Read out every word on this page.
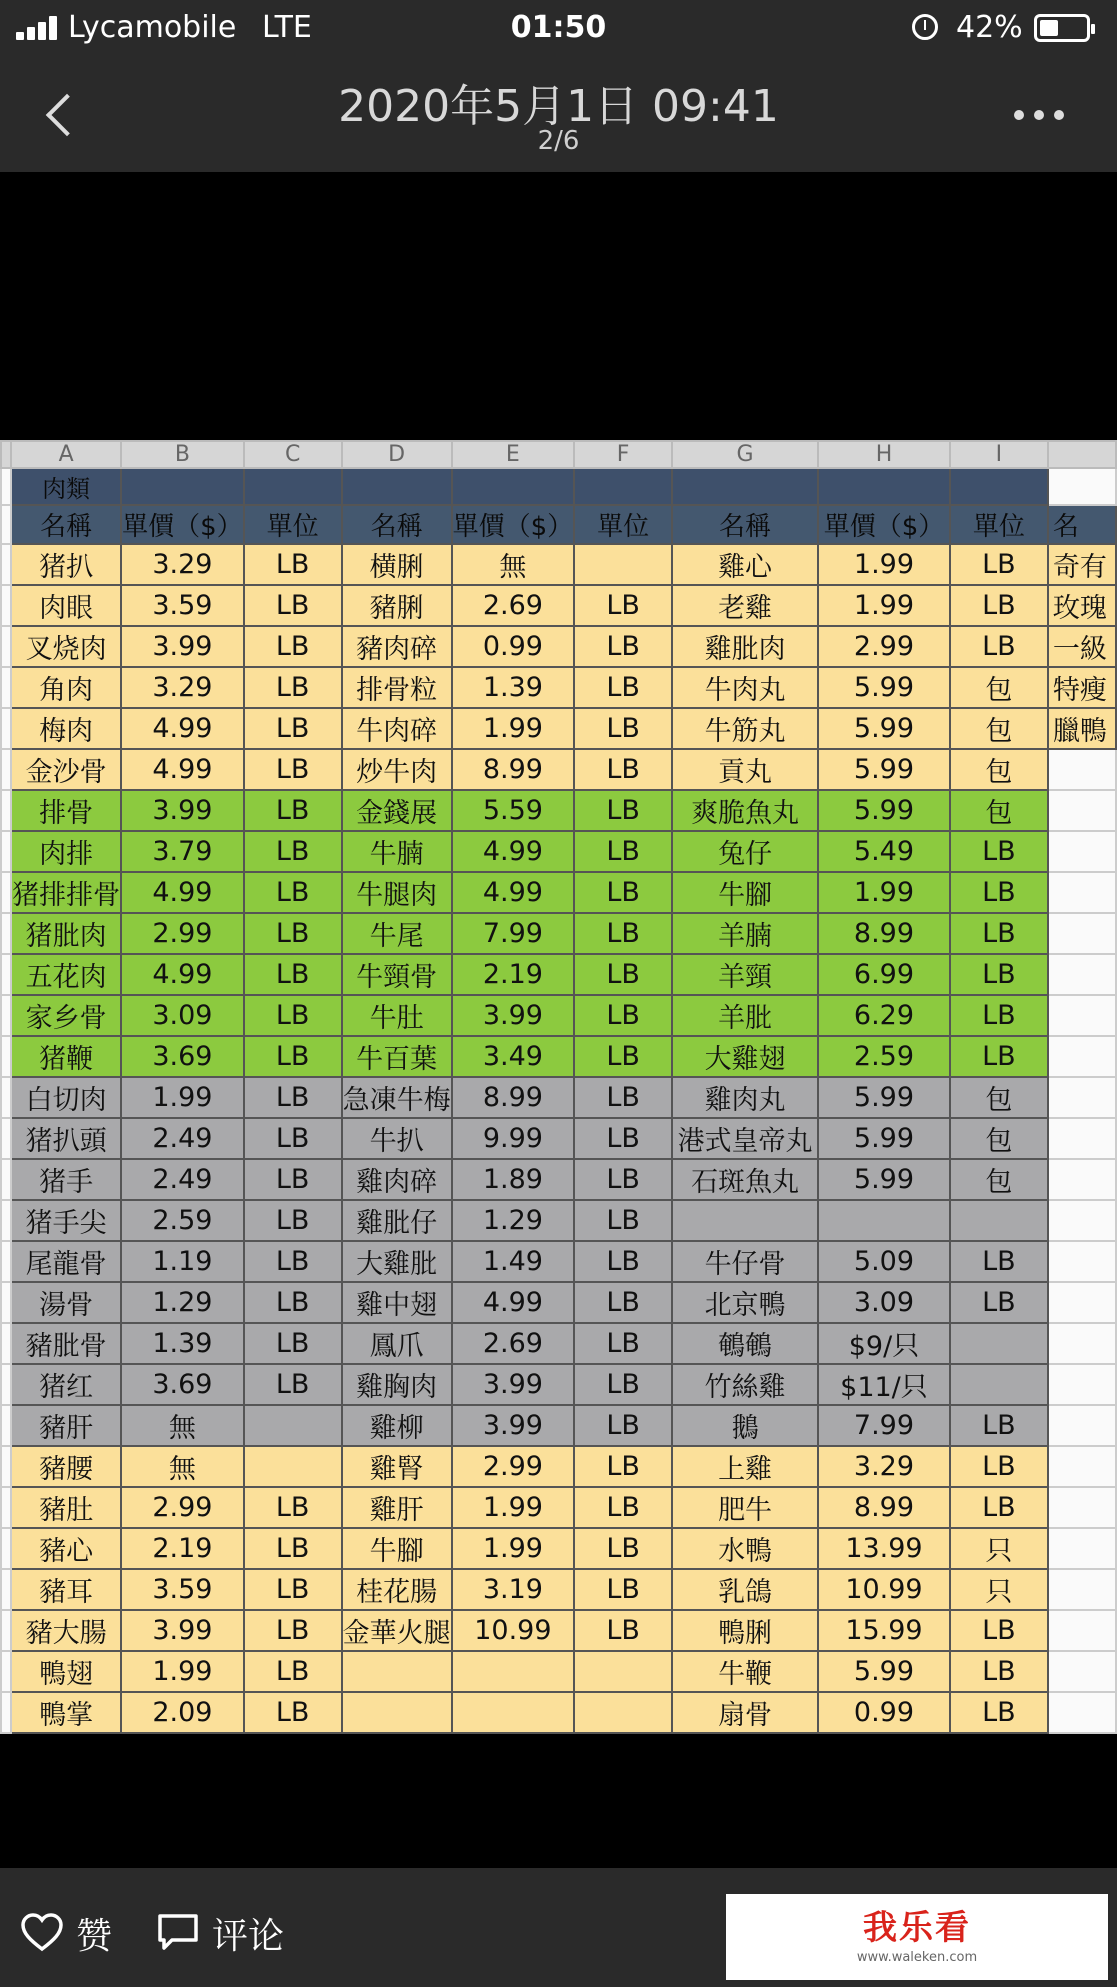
Lycamobile LTE	01:50	42%
2020年5月1日 09:41
2/6
	A	B	C	D	E	F	G	H	I	
	肉類									
	名稱	單價（$）	單位	名稱	單價（$）	單位	名稱	單價（$）	單位	名
	猪扒	3.29	LB	横脷	無		雞心	1.99	LB	奇有
	肉眼	3.59	LB	豬脷	2.69	LB	老雞	1.99	LB	玫瑰
	叉烧肉	3.99	LB	豬肉碎	0.99	LB	雞肶肉	2.99	LB	一級
	角肉	3.29	LB	排骨粒	1.39	LB	牛肉丸	5.99	包	特瘦
	梅肉	4.99	LB	牛肉碎	1.99	LB	牛筋丸	5.99	包	臘鴨
	金沙骨	4.99	LB	炒牛肉	8.99	LB	貢丸	5.99	包	
	排骨	3.99	LB	金錢展	5.59	LB	爽脆魚丸	5.99	包	
	肉排	3.79	LB	牛腩	4.99	LB	兔仔	5.49	LB	
	猪排排骨	4.99	LB	牛腿肉	4.99	LB	牛腳	1.99	LB	
	猪肶肉	2.99	LB	牛尾	7.99	LB	羊腩	8.99	LB	
	五花肉	4.99	LB	牛頸骨	2.19	LB	羊頸	6.99	LB	
	家乡骨	3.09	LB	牛肚	3.99	LB	羊肶	6.29	LB	
	猪鞭	3.69	LB	牛百葉	3.49	LB	大雞翅	2.59	LB	
	白切肉	1.99	LB	急凍牛梅	8.99	LB	雞肉丸	5.99	包	
	猪扒頭	2.49	LB	牛扒	9.99	LB	港式皇帝丸	5.99	包	
	猪手	2.49	LB	雞肉碎	1.89	LB	石斑魚丸	5.99	包	
	猪手尖	2.59	LB	雞肶仔	1.29	LB				
	尾龍骨	1.19	LB	大雞肶	1.49	LB	牛仔骨	5.09	LB	
	湯骨	1.29	LB	雞中翅	4.99	LB	北京鴨	3.09	LB	
	豬肶骨	1.39	LB	鳳爪	2.69	LB	鵪鵪	$9/只		
	猪红	3.69	LB	雞胸肉	3.99	LB	竹絲雞	$11/只		
	豬肝	無		雞柳	3.99	LB	鵝	7.99	LB	
	豬腰	無		雞腎	2.99	LB	上雞	3.29	LB	
	豬肚	2.99	LB	雞肝	1.99	LB	肥牛	8.99	LB	
	豬心	2.19	LB	牛腳	1.99	LB	水鴨	13.99	只	
	豬耳	3.59	LB	桂花腸	3.19	LB	乳鴿	10.99	只	
	豬大腸	3.99	LB	金華火腿	10.99	LB	鴨脷	15.99	LB	
	鴨翅	1.99	LB				牛鞭	5.99	LB	
	鴨掌	2.09	LB				扇骨	0.99	LB	
赞	评论	我乐看
www.waleken.com
